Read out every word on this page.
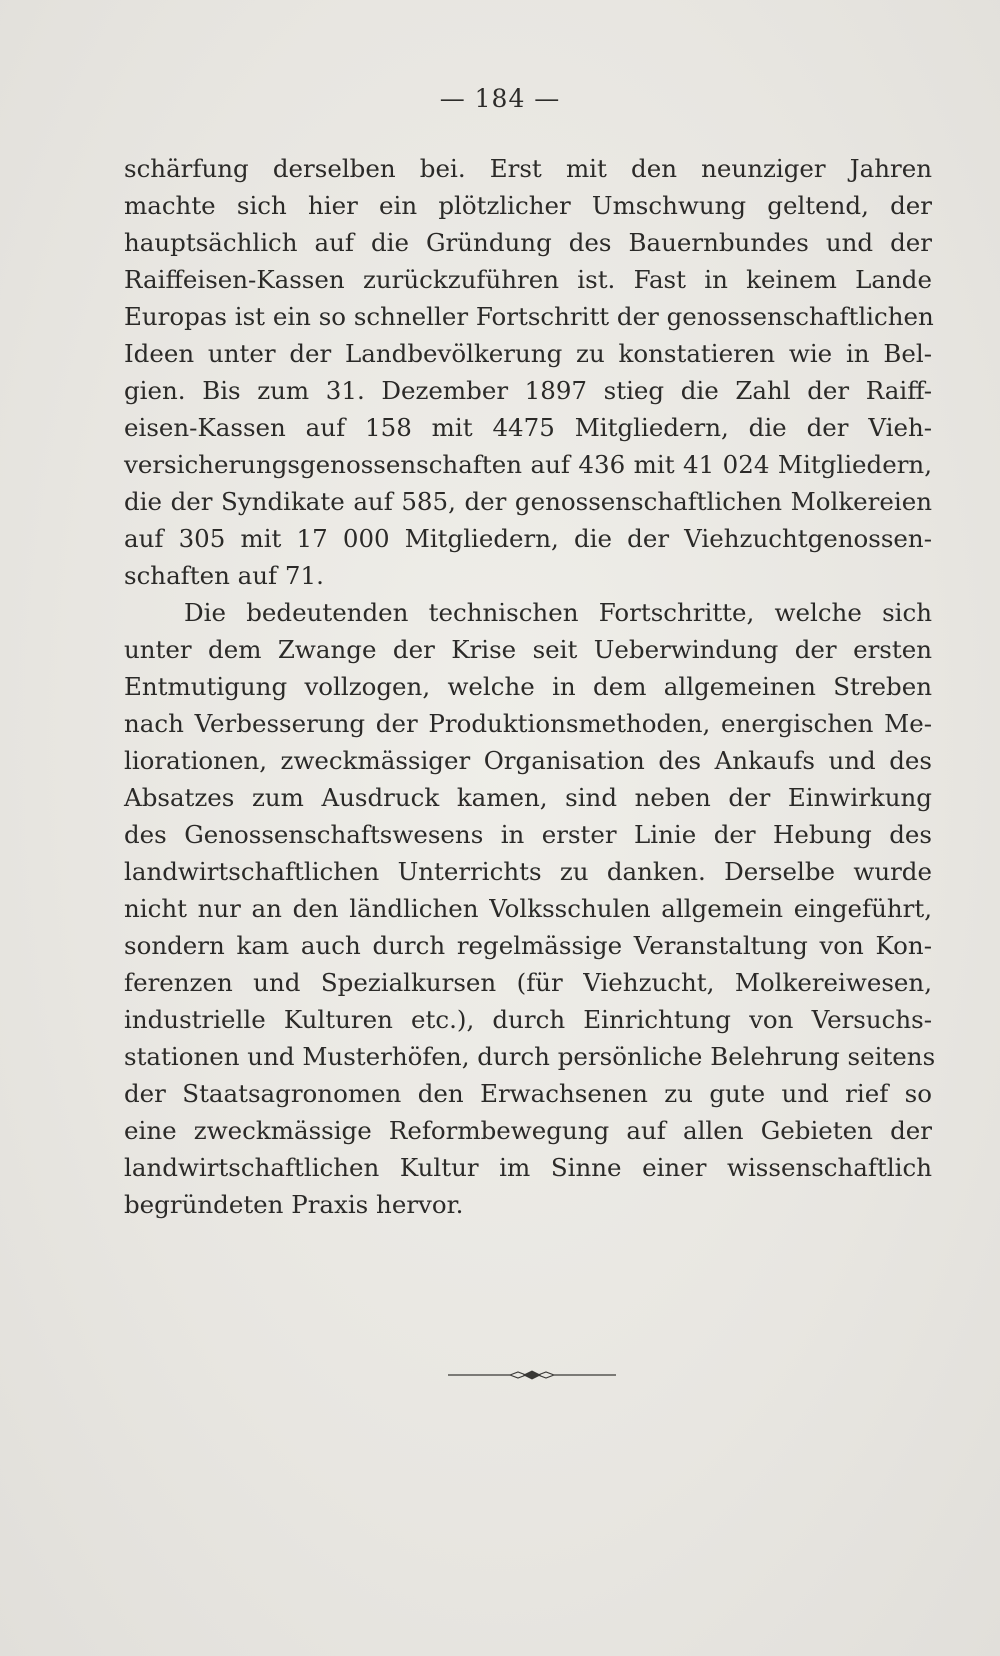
— 184 —
schärfung derselben bei. Erst mit den neunziger Jahren
machte sich hier ein plötzlicher Umschwung geltend, der
hauptsächlich auf die Gründung des Bauernbundes und der
Raiffeisen-Kassen zurückzuführen ist. Fast in keinem Lande
Europas ist ein so schneller Fortschritt der genossenschaftlichen
Ideen unter der Landbevölkerung zu konstatieren wie in Bel-
gien. Bis zum 31. Dezember 1897 stieg die Zahl der Raiff-
eisen-Kassen auf 158 mit 4475 Mitgliedern, die der Vieh-
versicherungsgenossenschaften auf 436 mit 41 024 Mitgliedern,
die der Syndikate auf 585, der genossenschaftlichen Molkereien
auf 305 mit 17 000 Mitgliedern, die der Viehzuchtgenossen-
schaften auf 71.
Die bedeutenden technischen Fortschritte, welche sich
unter dem Zwange der Krise seit Ueberwindung der ersten
Entmutigung vollzogen, welche in dem allgemeinen Streben
nach Verbesserung der Produktionsmethoden, energischen Me-
liorationen, zweckmässiger Organisation des Ankaufs und des
Absatzes zum Ausdruck kamen, sind neben der Einwirkung
des Genossenschaftswesens in erster Linie der Hebung des
landwirtschaftlichen Unterrichts zu danken. Derselbe wurde
nicht nur an den ländlichen Volksschulen allgemein eingeführt,
sondern kam auch durch regelmässige Veranstaltung von Kon-
ferenzen und Spezialkursen (für Viehzucht, Molkereiwesen,
industrielle Kulturen etc.), durch Einrichtung von Versuchs-
stationen und Musterhöfen, durch persönliche Belehrung seitens
der Staatsagronomen den Erwachsenen zu gute und rief so
eine zweckmässige Reformbewegung auf allen Gebieten der
landwirtschaftlichen Kultur im Sinne einer wissenschaftlich
begründeten Praxis hervor.
